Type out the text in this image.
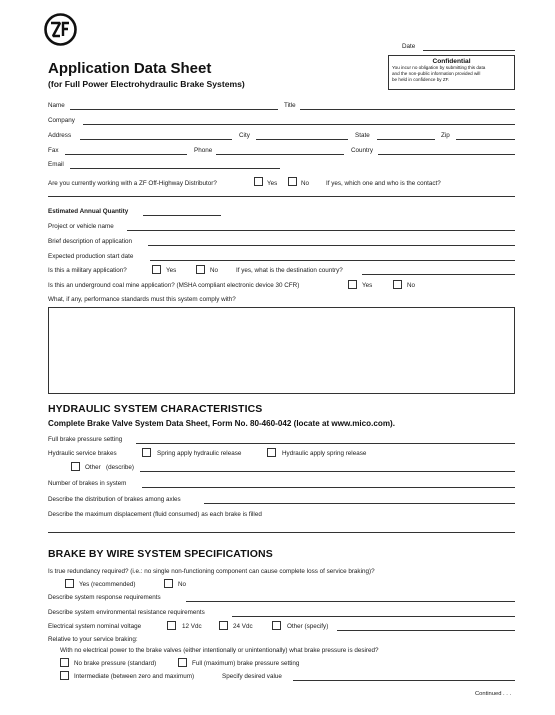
Date
Application Data Sheet
(for Full Power Electrohydraulic Brake Systems)
Confidential
You incur no obligation by submitting this data
and the non-public information provided will
be held in confidence by ZF.
Name	Title
Company
Address	City	State	Zip
Fax	Phone	Country
Email
Are you currently working with a ZF Off-Highway Distributor?	Yes	No	If yes, which one and who is the contact?
Estimated Annual Quantity
Project or vehicle name
Brief description of application
Expected production start date
Is this a military application?	Yes	No	If yes, what is the destination country?
Is this an underground coal mine application? (MSHA compliant electronic device 30 CFR)	Yes	No
What, if any, performance standards must this system comply with?
HYDRAULIC SYSTEM CHARACTERISTICS
Complete Brake Valve System Data Sheet, Form No. 80-460-042 (locate at www.mico.com).
Full brake pressure setting
Hydraulic service brakes	Spring apply hydraulic release	Hydraulic apply spring release
Other (describe)
Number of brakes in system
Describe the distribution of brakes among axles
Describe the maximum displacement (fluid consumed) as each brake is filled
BRAKE BY WIRE SYSTEM SPECIFICATIONS
Is true redundancy required? (i.e.: no single non-functioning component can cause complete loss of service braking)?
Yes (recommended)	No
Describe system response requirements
Describe system environmental resistance requirements
Electrical system nominal voltage	12 Vdc	24 Vdc	Other (specify)
Relative to your service braking:
With no electrical power to the brake valves (either intentionally or unintentionally) what brake pressure is desired?
No brake pressure (standard)	Full (maximum) brake pressure setting
Intermediate (between zero and maximum)	Specify desired value
Continued . . .
